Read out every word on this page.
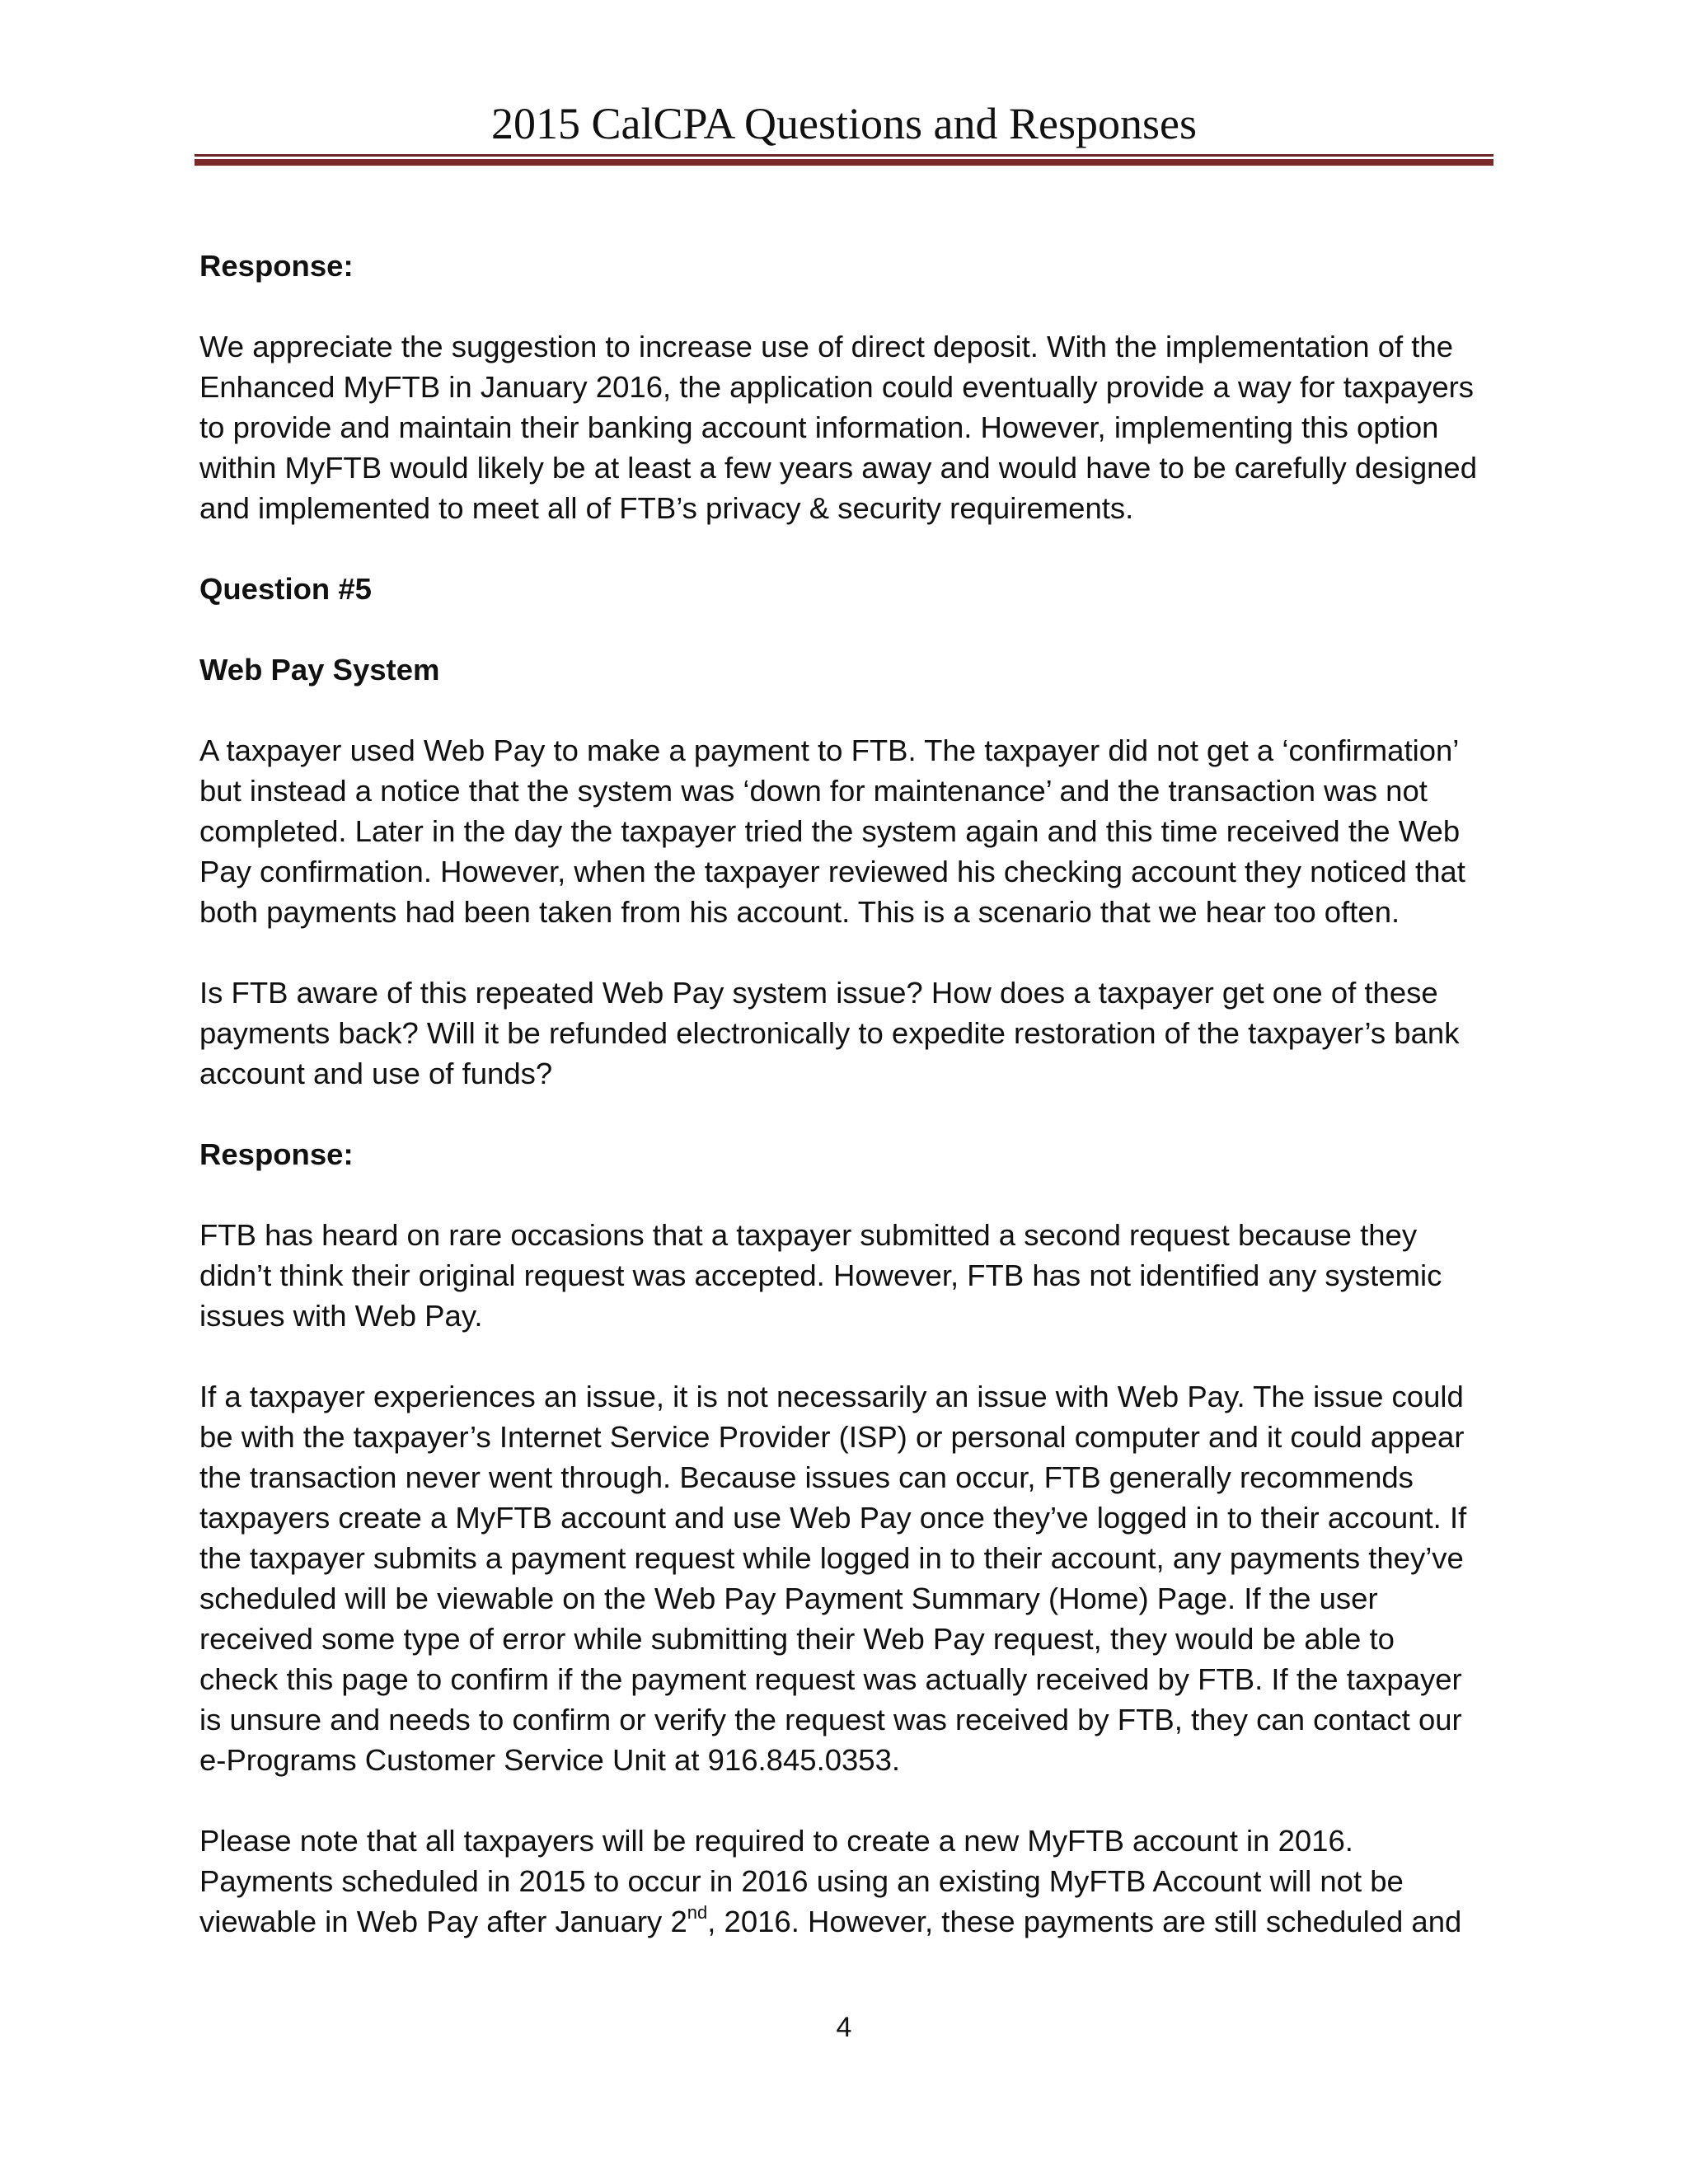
2015 CalCPA Questions and Responses
Response:
We appreciate the suggestion to increase use of direct deposit. With the implementation of the
Enhanced MyFTB in January 2016, the application could eventually provide a way for taxpayers
to provide and maintain their banking account information. However, implementing this option
within MyFTB would likely be at least a few years away and would have to be carefully designed
and implemented to meet all of FTB’s privacy & security requirements.
Question #5
Web Pay System
A taxpayer used Web Pay to make a payment to FTB. The taxpayer did not get a ‘confirmation’
but instead a notice that the system was ‘down for maintenance’ and the transaction was not
completed. Later in the day the taxpayer tried the system again and this time received the Web
Pay confirmation. However, when the taxpayer reviewed his checking account they noticed that
both payments had been taken from his account. This is a scenario that we hear too often.
Is FTB aware of this repeated Web Pay system issue? How does a taxpayer get one of these
payments back? Will it be refunded electronically to expedite restoration of the taxpayer’s bank
account and use of funds?
Response:
FTB has heard on rare occasions that a taxpayer submitted a second request because they
didn’t think their original request was accepted. However, FTB has not identified any systemic
issues with Web Pay.
If a taxpayer experiences an issue, it is not necessarily an issue with Web Pay. The issue could
be with the taxpayer’s Internet Service Provider (ISP) or personal computer and it could appear
the transaction never went through. Because issues can occur, FTB generally recommends
taxpayers create a MyFTB account and use Web Pay once they’ve logged in to their account. If
the taxpayer submits a payment request while logged in to their account, any payments they’ve
scheduled will be viewable on the Web Pay Payment Summary (Home) Page. If the user
received some type of error while submitting their Web Pay request, they would be able to
check this page to confirm if the payment request was actually received by FTB. If the taxpayer
is unsure and needs to confirm or verify the request was received by FTB, they can contact our
e-Programs Customer Service Unit at 916.845.0353.
Please note that all taxpayers will be required to create a new MyFTB account in 2016.
Payments scheduled in 2015 to occur in 2016 using an existing MyFTB Account will not be
viewable in Web Pay after January 2nd, 2016. However, these payments are still scheduled and
4
